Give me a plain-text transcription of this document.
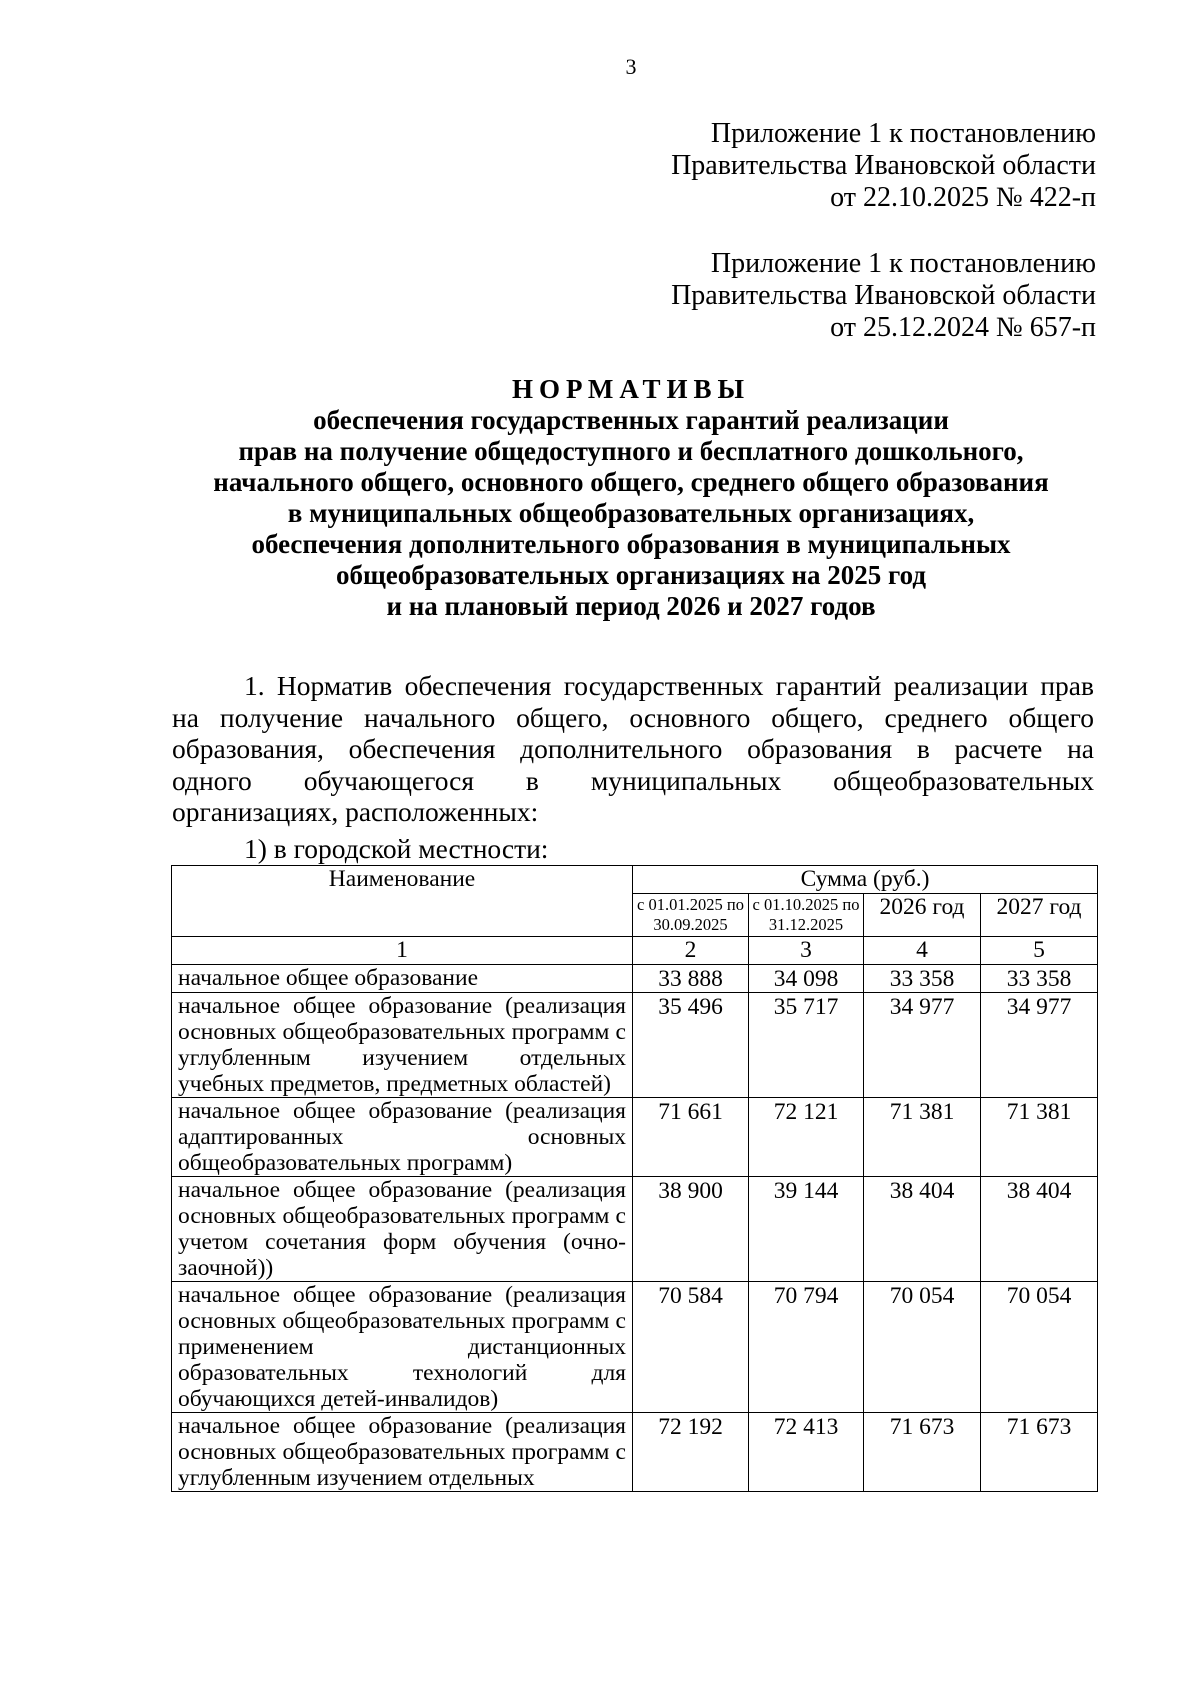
3
Приложение 1 к постановлению
Правительства Ивановской области
от 22.10.2025 № 422-п
Приложение 1 к постановлению
Правительства Ивановской области
от 25.12.2024 № 657-п
НОРМАТИВЫ
обеспечения государственных гарантий реализации
прав на получение общедоступного и бесплатного дошкольного,
начального общего, основного общего, среднего общего образования
в муниципальных общеобразовательных организациях,
обеспечения дополнительного образования в муниципальных
общеобразовательных организациях на 2025 год
и на плановый период 2026 и 2027 годов
1. Норматив обеспечения государственных гарантий реализации прав
на получение начального общего, основного общего, среднего общего
образования, обеспечения дополнительного образования в расчете на
одного обучающегося в муниципальных общеобразовательных
организациях, расположенных:
1) в городской местности:
Наименование	Сумма (руб.)			
	с 01.01.2025 по 30.09.2025	с 01.10.2025 по 31.12.2025	2026 год	2027 год
1	2	3	4	5
начальное общее образование	33 888	34 098	33 358	33 358
начальное общее образование (реализация основных общеобразовательных программ с углубленным изучением отдельных учебных предметов, предметных областей)	35 496	35 717	34 977	34 977
начальное общее образование (реализация адаптированных основных общеобразовательных программ)	71 661	72 121	71 381	71 381
начальное общее образование (реализация основных общеобразовательных программ с учетом сочетания форм обучения (очно-заочной))	38 900	39 144	38 404	38 404
начальное общее образование (реализация основных общеобразовательных программ с применением дистанционных образовательных технологий для обучающихся детей-инвалидов)	70 584	70 794	70 054	70 054
начальное общее образование (реализация основных общеобразовательных программ с углубленным изучением отдельных	72 192	72 413	71 673	71 673
